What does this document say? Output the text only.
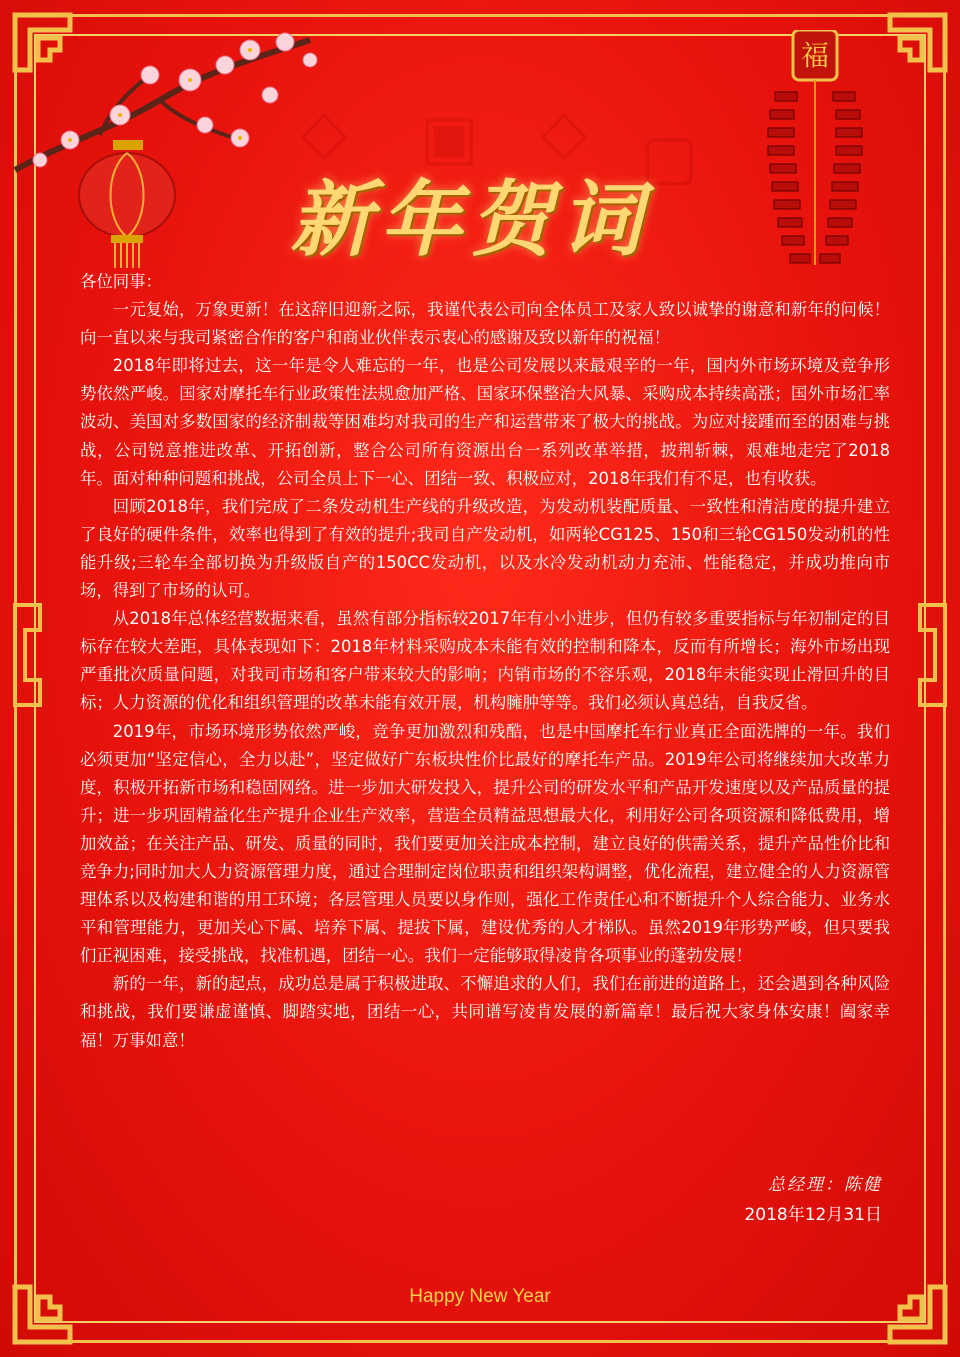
◇ ▣ ◇ ▢
福
新年贺词

各位同事：

一元复始，万象更新！在这辞旧迎新之际，我谨代表公司向全体员工及家人致以诚挚的谢意和新年的问候！向一直以来与我司紧密合作的客户和商业伙伴表示衷心的感谢及致以新年的祝福！

2018年即将过去，这一年是令人难忘的一年，也是公司发展以来最艰辛的一年，国内外市场环境及竞争形势依然严峻。国家对摩托车行业政策性法规愈加严格、国家环保整治大风暴、采购成本持续高涨；国外市场汇率波动、美国对多数国家的经济制裁等困难均对我司的生产和运营带来了极大的挑战。为应对接踵而至的困难与挑战，公司锐意推进改革、开拓创新，整合公司所有资源出台一系列改革举措，披荆斩棘，艰难地走完了2018年。面对种种问题和挑战，公司全员上下一心、团结一致、积极应对，2018年我们有不足，也有收获。

回顾2018年，我们完成了二条发动机生产线的升级改造，为发动机装配质量、一致性和清洁度的提升建立了良好的硬件条件，效率也得到了有效的提升;我司自产发动机，如两轮CG125、150和三轮CG150发动机的性能升级;三轮车全部切换为升级版自产的150CC发动机，以及水冷发动机动力充沛、性能稳定，并成功推向市场，得到了市场的认可。

从2018年总体经营数据来看，虽然有部分指标较2017年有小小进步，但仍有较多重要指标与年初制定的目标存在较大差距，具体表现如下：2018年材料采购成本未能有效的控制和降本，反而有所增长；海外市场出现严重批次质量问题，对我司市场和客户带来较大的影响；内销市场的不容乐观，2018年未能实现止滑回升的目标；人力资源的优化和组织管理的改革未能有效开展，机构臃肿等等。我们必须认真总结，自我反省。

2019年，市场环境形势依然严峻，竞争更加激烈和残酷，也是中国摩托车行业真正全面洗牌的一年。我们必须更加“坚定信心，全力以赴”，坚定做好广东板块性价比最好的摩托车产品。2019年公司将继续加大改革力度，积极开拓新市场和稳固网络。进一步加大研发投入，提升公司的研发水平和产品开发速度以及产品质量的提升；进一步巩固精益化生产提升企业生产效率，营造全员精益思想最大化，利用好公司各项资源和降低费用，增加效益；在关注产品、研发、质量的同时，我们要更加关注成本控制，建立良好的供需关系，提升产品性价比和竞争力;同时加大人力资源管理力度，通过合理制定岗位职责和组织架构调整，优化流程，建立健全的人力资源管理体系以及构建和谐的用工环境；各层管理人员要以身作则，强化工作责任心和不断提升个人综合能力、业务水平和管理能力，更加关心下属、培养下属、提拔下属，建设优秀的人才梯队。虽然2019年形势严峻，但只要我们正视困难，接受挑战，找准机遇，团结一心。我们一定能够取得凌肯各项事业的蓬勃发展！

新的一年，新的起点，成功总是属于积极进取、不懈追求的人们，我们在前进的道路上，还会遇到各种风险和挑战，我们要谦虚谨慎、脚踏实地，团结一心，共同谱写凌肯发展的新篇章！最后祝大家身体安康！阖家幸福！万事如意！

总经理：陈健
2018年12月31日
Happy New Year
